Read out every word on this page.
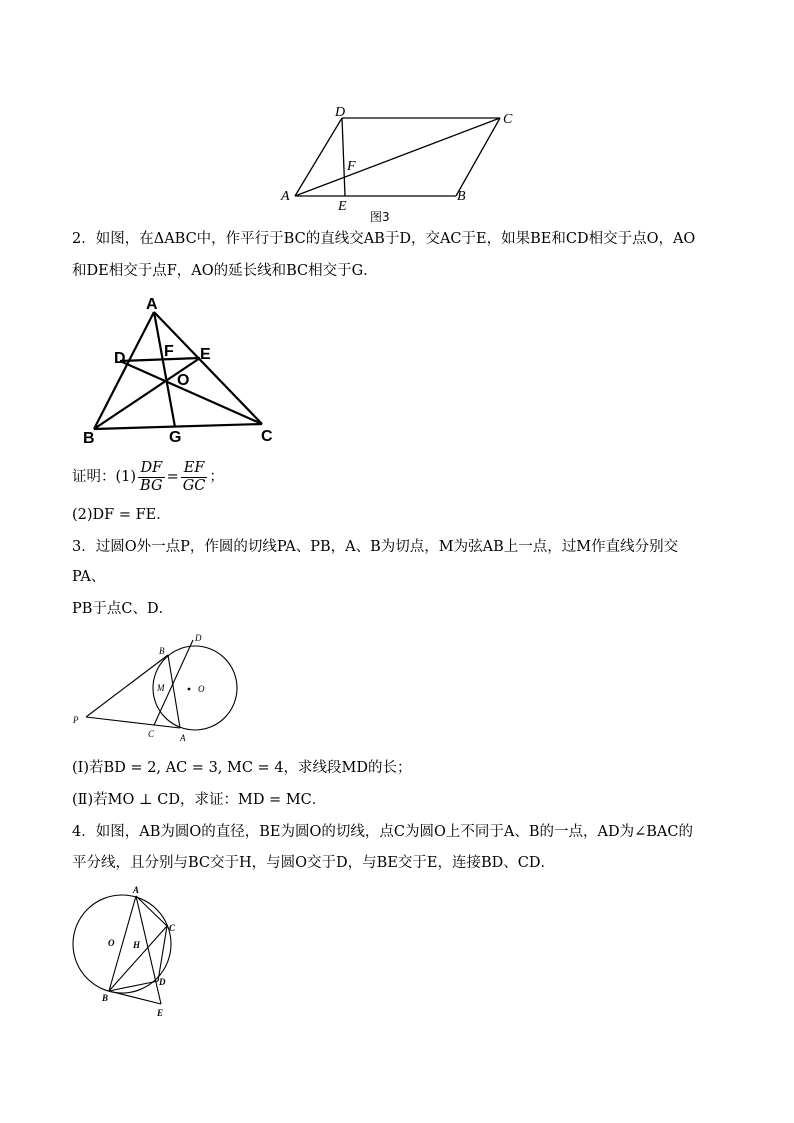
A	B
C
D
E
F
图3
2．如图，在ΔABC中，作平行于BC的直线交AB于D，交AC于E，如果BE和CD相交于点O，AO
和DE相交于点F，AO的延长线和BC相交于G．
A
D F E
O
B	G	C
证明：$(1) \frac{DF}{BG} = \frac{EF}{GC}$ ；
(2)DF = FE．
3．过圆O外一点P，作圆的切线PA、PB，A、B为切点，M为弦AB上一点，过M作直线分别交
PA、
PB于点C、D．
P
B
D
M	O
C	A
(Ⅰ)若BD = 2, AC = 3, MC = 4，求线段MD的长；
(Ⅱ)若MO ⊥ CD，求证：MD = MC．
4．如图，AB为圆O的直径，BE为圆O的切线，点C为圆O上不同于A、B的一点，AD为∠BAC的
平分线，且分别与BC交于H，与圆O交于D，与BE交于E，连接BD、CD．
A
O H
C
D
B
E
